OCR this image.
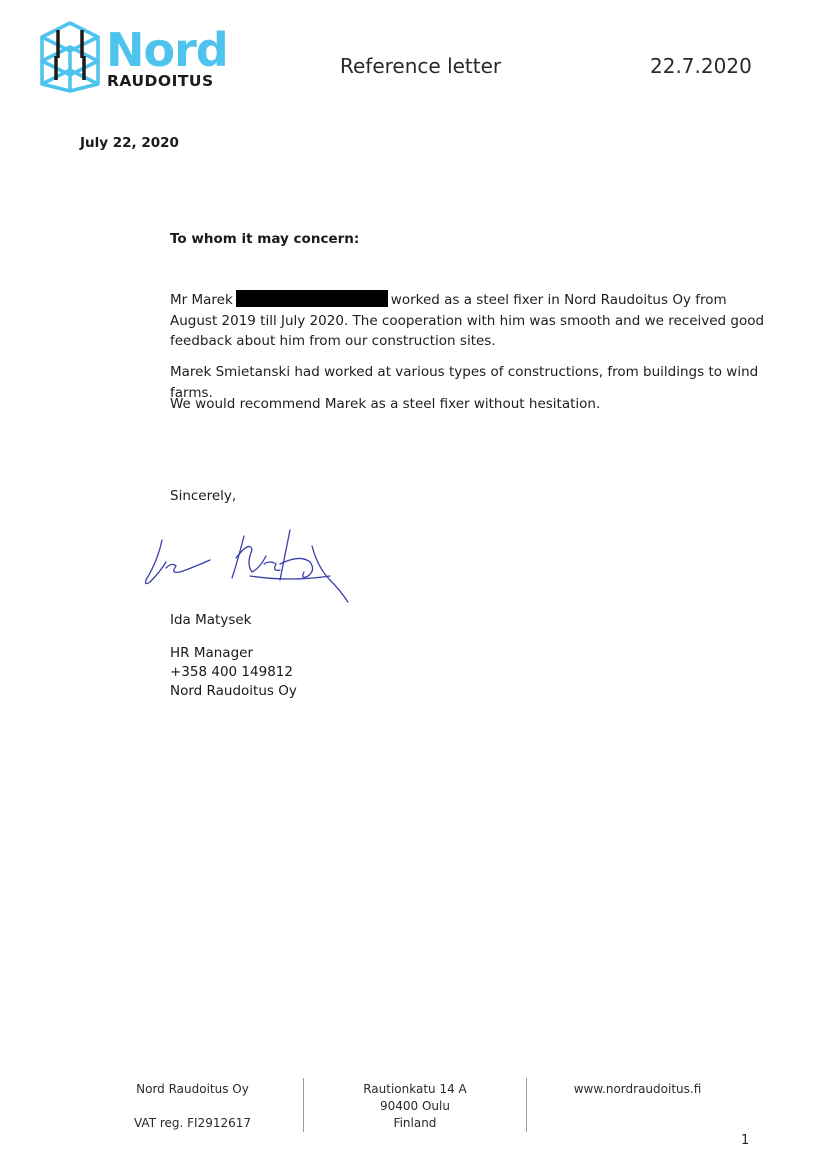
Nord
RAUDOITUS
Reference letter	22.7.2020
July 22, 2020
To whom it may concern:
Mr Marek	worked as a steel fixer in Nord Raudoitus Oy from August 2019 till July 2020. The cooperation with him was smooth and we received good feedback about him from our construction sites.
Marek Smietanski had worked at various types of constructions, from buildings to wind farms.
We would recommend Marek as a steel fixer without hesitation.
Sincerely,
Ida Matysek
HR Manager
+358 400 149812
Nord Raudoitus Oy
Nord Raudoitus Oy
VAT reg. FI2912617
Rautionkatu 14 A
90400 Oulu
Finland
www.nordraudoitus.fi
1
